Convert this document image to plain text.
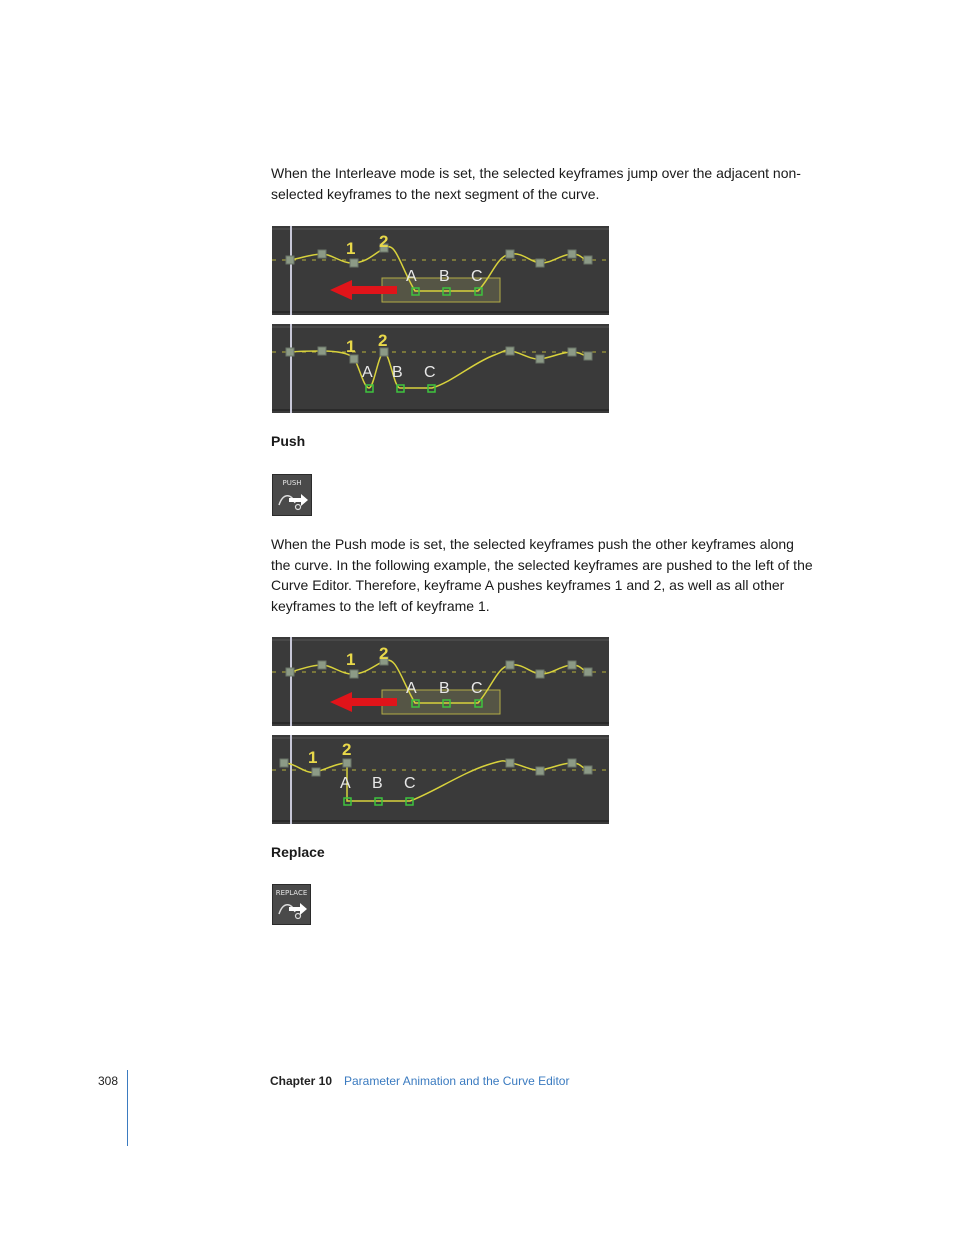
When the Interleave mode is set, the selected keyframes jump over the adjacent non-selected keyframes to the next segment of the curve.

1 2
A B C
1 2
A B C

Push

PUSH

When the Push mode is set, the selected keyframes push the other keyframes along the curve. In the following example, the selected keyframes are pushed to the left of the Curve Editor. Therefore, keyframe A pushes keyframes 1 and 2, as well as all other keyframes to the left of keyframe 1.

1 2
A B C
1 2
A B C

Replace

REPLACE
308	Chapter 10 Parameter Animation and the Curve Editor
